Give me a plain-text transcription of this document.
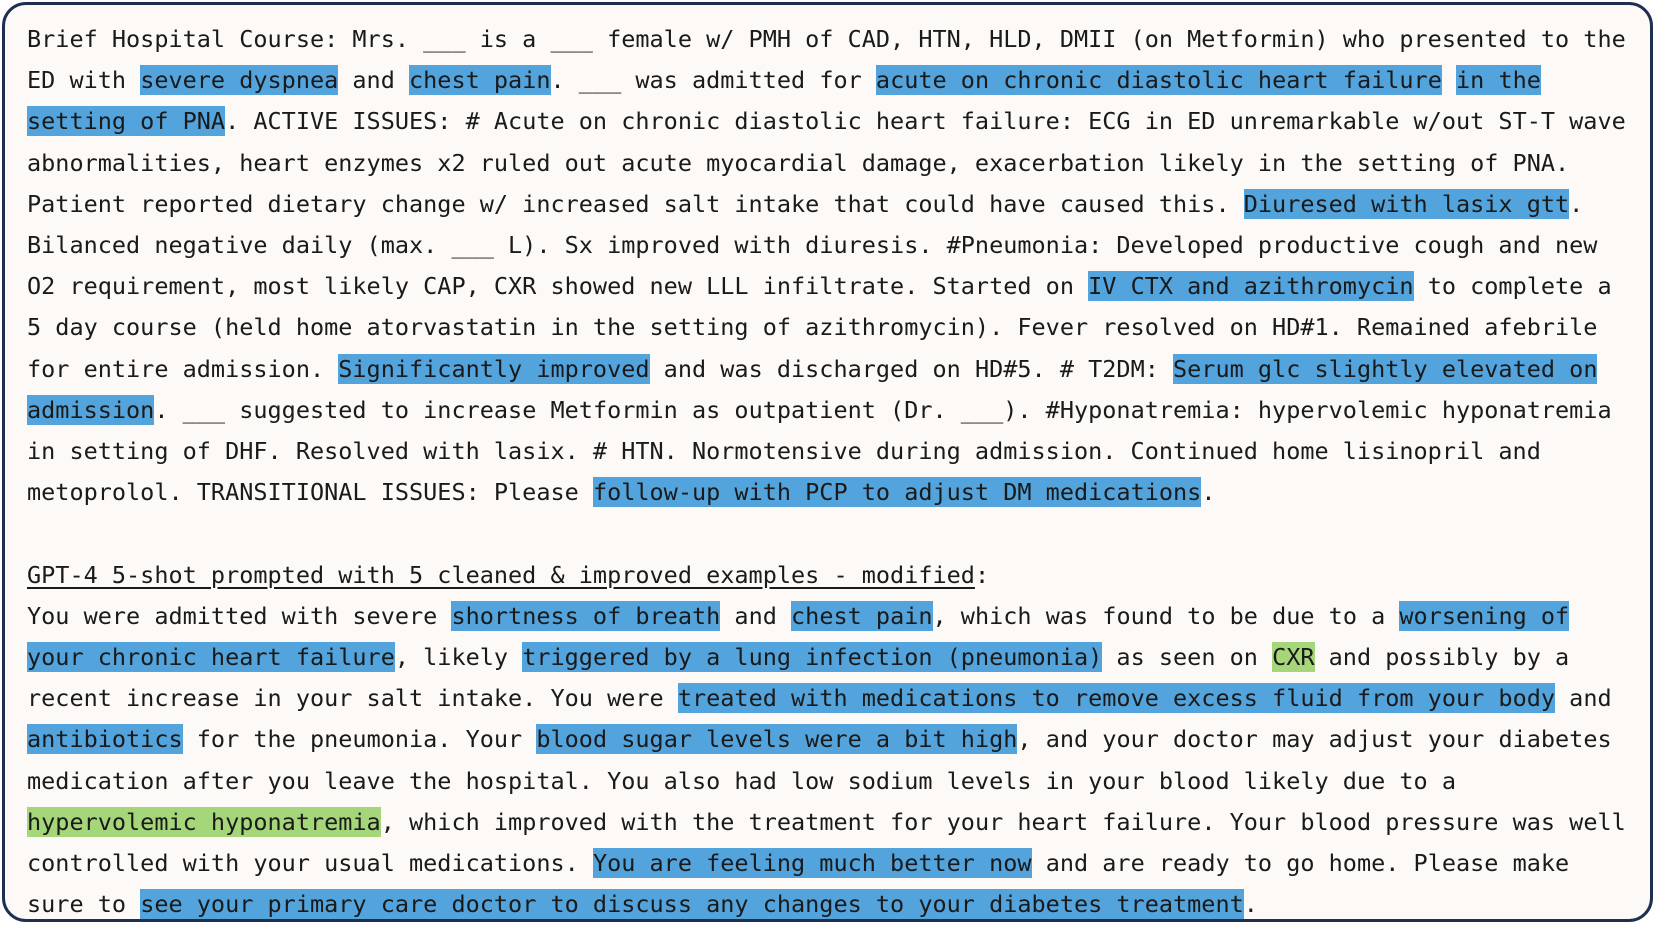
Brief Hospital Course: Mrs. ___ is a ___ female w/ PMH of CAD, HTN, HLD, DMII (on Metformin) who presented to the ED with severe dyspnea and chest pain. ___ was admitted for acute on chronic diastolic heart failure in the setting of PNA. ACTIVE ISSUES: # Acute on chronic diastolic heart failure: ECG in ED unremarkable w/out ST-T wave abnormalities, heart enzymes x2 ruled out acute myocardial damage, exacerbation likely in the setting of PNA. Patient reported dietary change w/ increased salt intake that could have caused this. Diuresed with lasix gtt. Bilanced negative daily (max. ___ L). Sx improved with diuresis. #Pneumonia: Developed productive cough and new O2 requirement, most likely CAP, CXR showed new LLL infiltrate. Started on IV CTX and azithromycin to complete a 5 day course (held home atorvastatin in the setting of azithromycin). Fever resolved on HD#1. Remained afebrile for entire admission. Significantly improved and was discharged on HD#5. # T2DM: Serum glc slightly elevated on admission. ___ suggested to increase Metformin as outpatient (Dr. ___). #Hyponatremia: hypervolemic hyponatremia in setting of DHF. Resolved with lasix. # HTN. Normotensive during admission. Continued home lisinopril and metoprolol. TRANSITIONAL ISSUES: Please follow-up with PCP to adjust DM medications.

GPT-4 5-shot prompted with 5 cleaned & improved examples - modified:

You were admitted with severe shortness of breath and chest pain, which was found to be due to a worsening of your chronic heart failure, likely triggered by a lung infection (pneumonia) as seen on CXR and possibly by a recent increase in your salt intake. You were treated with medications to remove excess fluid from your body and antibiotics for the pneumonia. Your blood sugar levels were a bit high, and your doctor may adjust your diabetes medication after you leave the hospital. You also had low sodium levels in your blood likely due to a hypervolemic hyponatremia, which improved with the treatment for your heart failure. Your blood pressure was well controlled with your usual medications. You are feeling much better now and are ready to go home. Please make sure to see your primary care doctor to discuss any changes to your diabetes treatment.
